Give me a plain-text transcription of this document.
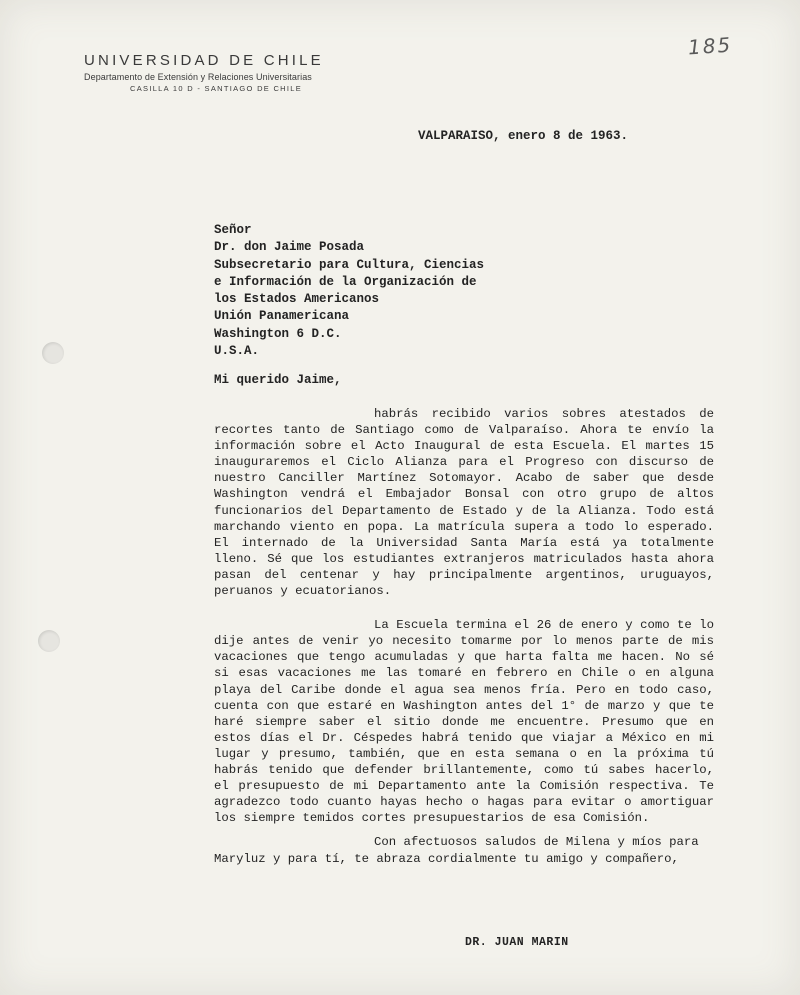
UNIVERSIDAD DE CHILE
Departamento de Extensión y Relaciones Universitarias
CASILLA 10 D - SANTIAGO DE CHILE
185
VALPARAISO, enero 8 de 1963.
Señor
Dr. don Jaime Posada
Subsecretario para Cultura, Ciencias
e Información de la Organización de
los Estados Americanos
Unión Panamericana
Washington 6 D.C.
U.S.A.
Mi querido Jaime,

habrás recibido varios sobres atestados de recortes tanto de Santiago como de Valparaíso. Ahora te envío la información sobre el Acto Inaugural de esta Escuela. El martes 15 inauguraremos el Ciclo Alianza para el Progreso con discurso de nuestro Canciller Martínez Sotomayor. Acabo de saber que desde Washington vendrá el Embajador Bonsal con otro grupo de altos funcionarios del Departamento de Estado y de la Alianza. Todo está marchando viento en popa. La matrícula supera a todo lo esperado. El internado de la Universidad Santa María está ya totalmente lleno. Sé que los estudiantes extranjeros matriculados hasta ahora pasan del centenar y hay principalmente argentinos, uruguayos, peruanos y ecuatorianos.

La Escuela termina el 26 de enero y como te lo dije antes de venir yo necesito tomarme por lo menos parte de mis vacaciones que tengo acumuladas y que harta falta me hacen. No sé si esas vacaciones me las tomaré en febrero en Chile o en alguna playa del Caribe donde el agua sea menos fría. Pero en todo caso, cuenta con que estaré en Washington antes del 1° de marzo y que te haré siempre saber el sitio donde me encuentre. Presumo que en estos días el Dr. Céspedes habrá tenido que viajar a México en mi lugar y presumo, también, que en esta semana o en la próxima tú habrás tenido que defender brillantemente, como tú sabes hacerlo, el presupuesto de mi Departamento ante la Comisión respectiva. Te agradezco todo cuanto hayas hecho o hagas para evitar o amortiguar los siempre temidos cortes presupuestarios de esa Comisión.

Con afectuosos saludos de Milena y míos para Maryluz y para tí, te abraza cordialmente tu amigo y compañero,
DR. JUAN MARIN
